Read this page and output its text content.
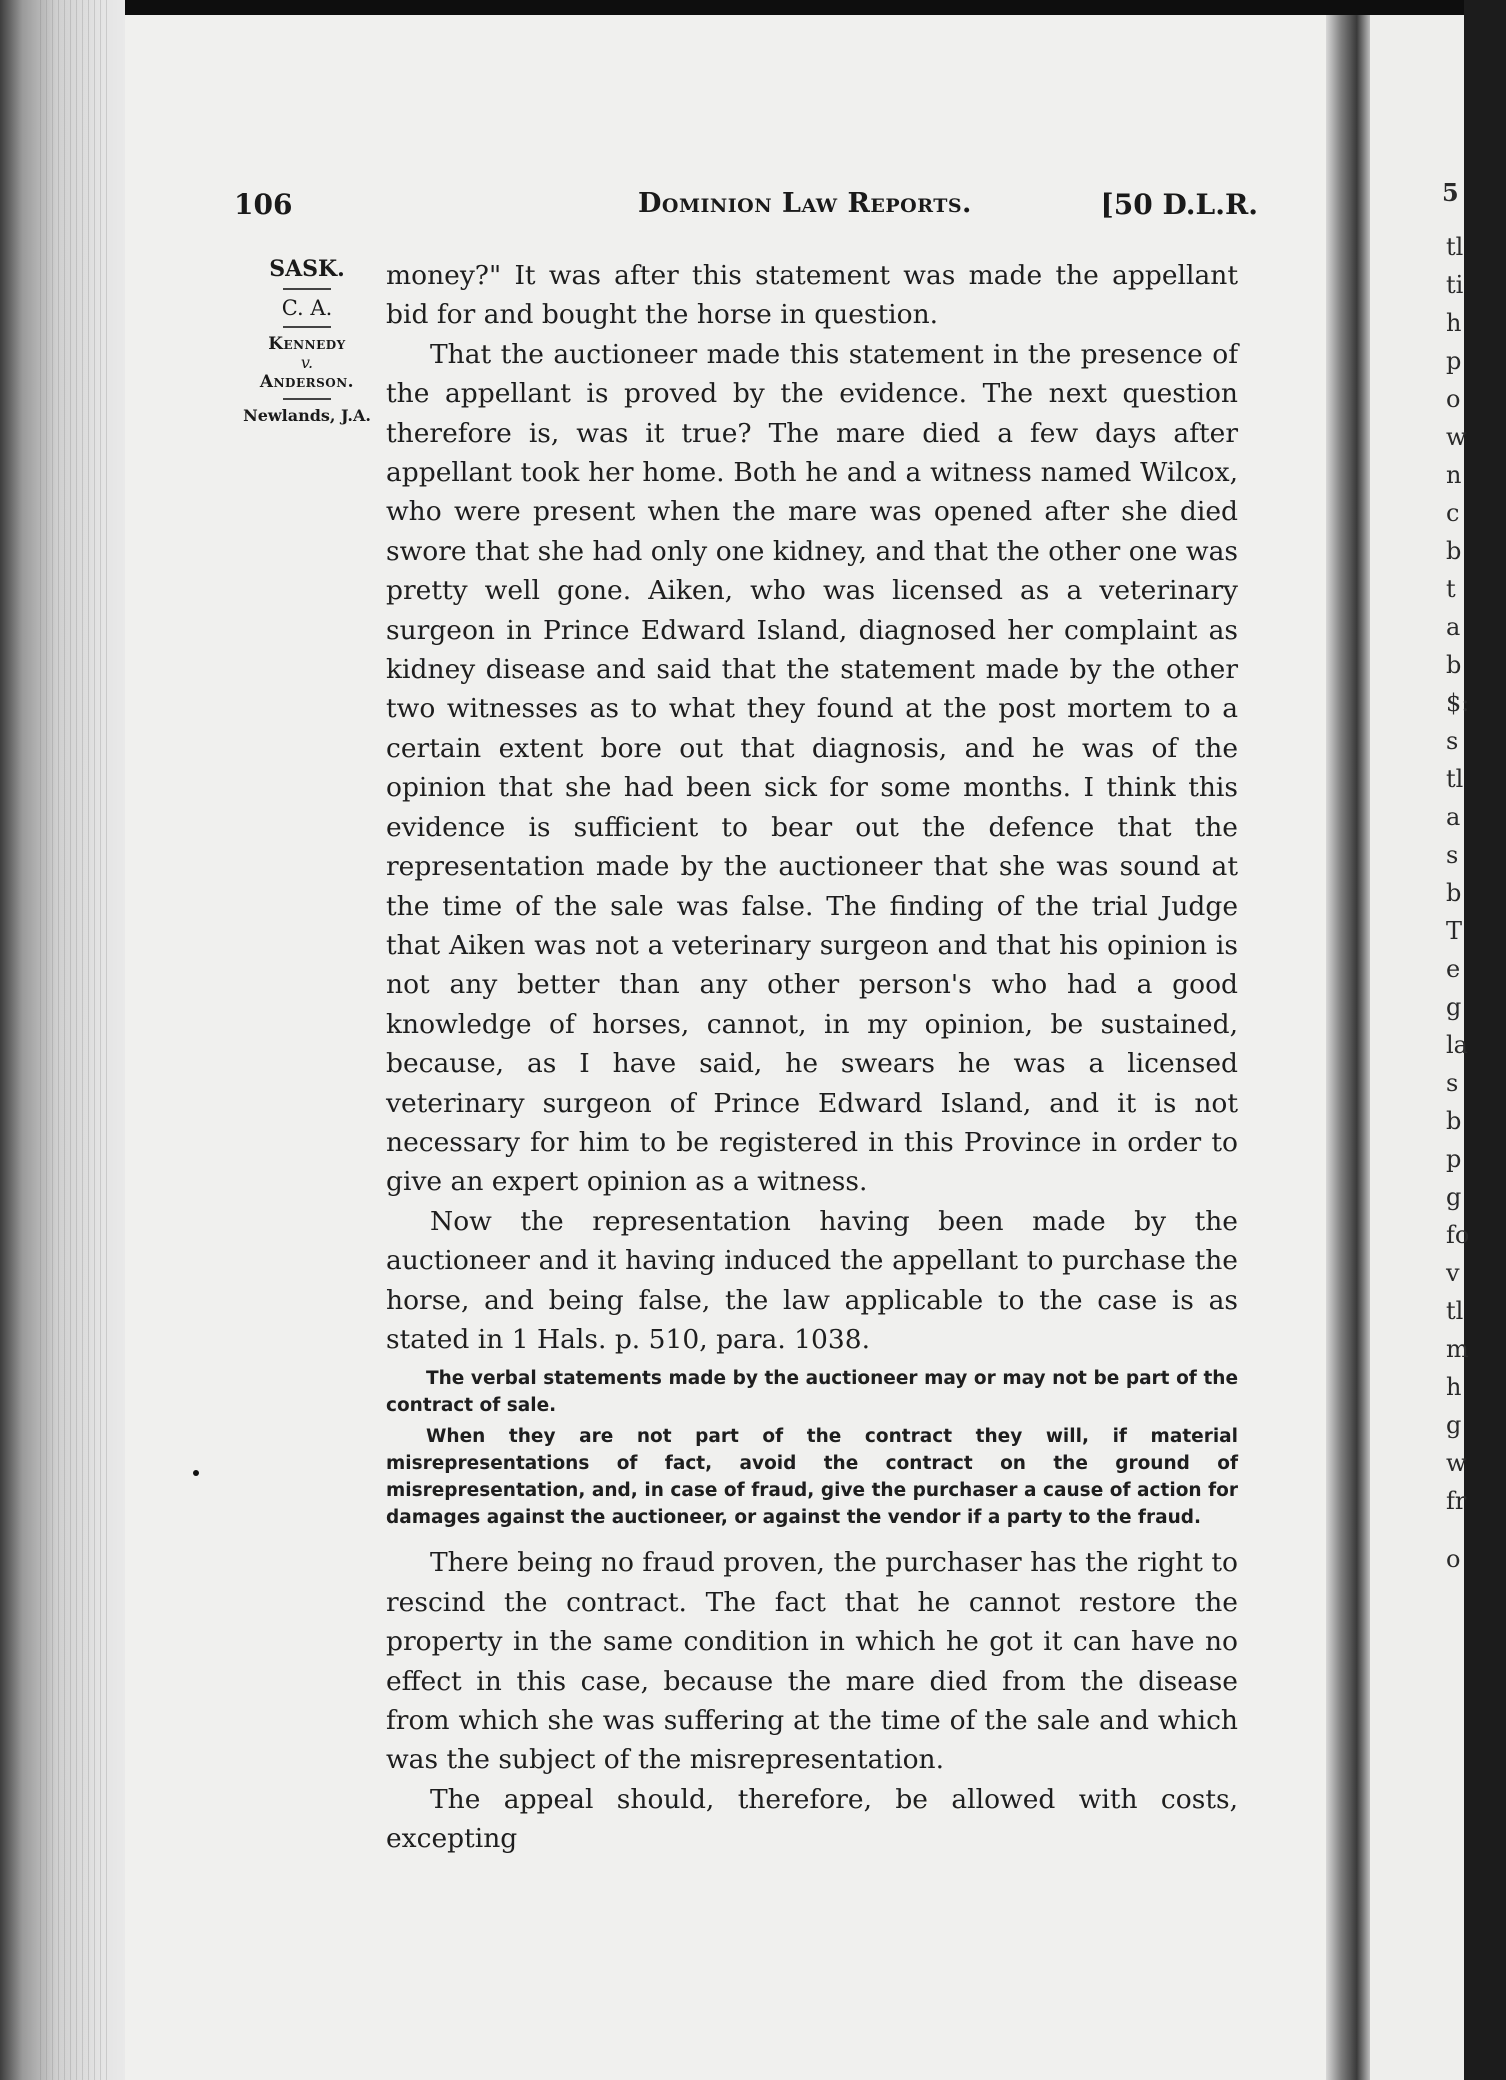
106	Dominion Law Reports.	[50 D.L.R.
SASK.
C. A.
Kennedy
v.
Anderson.
Newlands, J.A.

money?" It was after this statement was made the appellant bid for and bought the horse in question.

That the auctioneer made this statement in the presence of the appellant is proved by the evidence. The next question therefore is, was it true? The mare died a few days after appellant took her home. Both he and a witness named Wilcox, who were present when the mare was opened after she died swore that she had only one kidney, and that the other one was pretty well gone. Aiken, who was licensed as a veterinary surgeon in Prince Edward Island, diagnosed her complaint as kidney disease and said that the statement made by the other two witnesses as to what they found at the post mortem to a certain extent bore out that diagnosis, and he was of the opinion that she had been sick for some months. I think this evidence is sufficient to bear out the defence that the representation made by the auctioneer that she was sound at the time of the sale was false. The finding of the trial Judge that Aiken was not a veterinary surgeon and that his opinion is not any better than any other person's who had a good knowledge of horses, cannot, in my opinion, be sustained, because, as I have said, he swears he was a licensed veterinary surgeon of Prince Edward Island, and it is not necessary for him to be registered in this Province in order to give an expert opinion as a witness.

Now the representation having been made by the auctioneer and it having induced the appellant to purchase the horse, and being false, the law applicable to the case is as stated in 1 Hals. p. 510, para. 1038.

The verbal statements made by the auctioneer may or may not be part of the contract of sale.

When they are not part of the contract they will, if material misrepresentations of fact, avoid the contract on the ground of misrepresentation, and, in case of fraud, give the purchaser a cause of action for damages against the auctioneer, or against the vendor if a party to the fraud.

There being no fraud proven, the purchaser has the right to rescind the contract. The fact that he cannot restore the property in the same condition in which he got it can have no effect in this case, because the mare died from the disease from which she was suffering at the time of the sale and which was the subject of the misrepresentation.

The appeal should, therefore, be allowed with costs, excepting

5
tl
ti
h
p
o
w
n
c
b
t
a
b
$:
s
tl
a
s
b
T
e
g
la
s
b
p
g
fo
v
tl
m
h
g
w
fr
o
